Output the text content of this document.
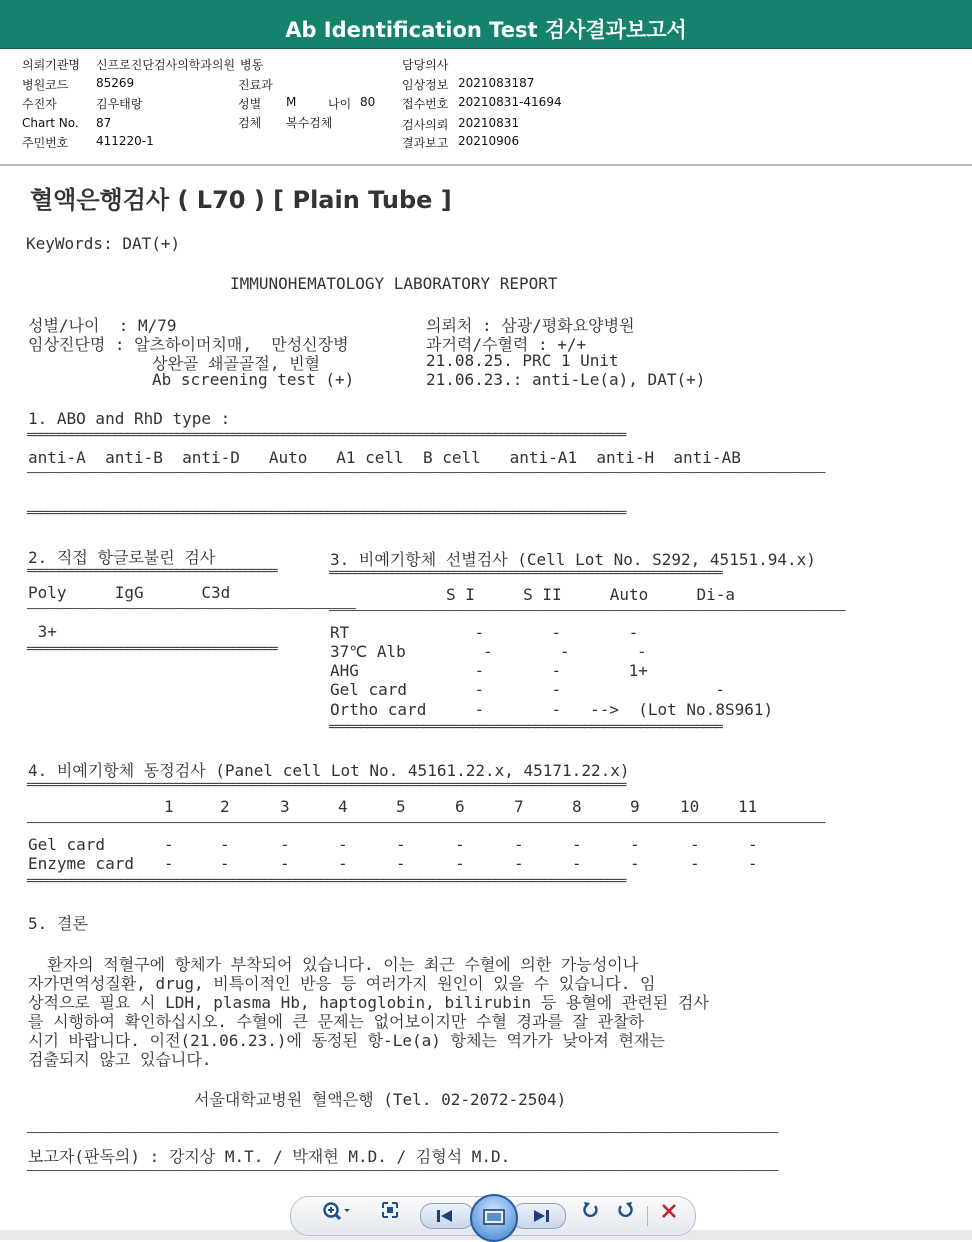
Ab Identification Test 검사결과보고서
의뢰기관명 신프로진단검사의학과의원 병동	담당의사
병원코드 85269	진료과	임상정보 2021083187
수진자	김우태랑	성별 M	나이 80 접수번호 20210831-41694
Chart No. 87	검체 복수검체	검사의뢰 20210831
주민번호 411220-1	결과보고 20210906
혈액은행검사 ( L70 ) [ Plain Tube ]
KeyWords: DAT(+)
IMMUNOHEMATOLOGY LABORATORY REPORT
성별/나이  : M/79
임상진단명 : 알츠하이머치매,  만성신장병
상완골 쇄골골절, 빈혈
Ab screening test (+)
의뢰처 : 삼광/평화요양병원
과거력/수혈력 : +/+
21.08.25. PRC 1 Unit
21.06.23.: anti-Le(a), DAT(+)
1. ABO and RhD type :
════════════════════════════════════════════════════════════════════════════════════════════════
anti-A  anti-B  anti-D   Auto   A1 cell  B cell   anti-A1  anti-H  anti-AB
──────────────────────────────────────────────────────────────────────────────────────────────────────
════════════════════════════════════════════════════════════════════════════════════════════════
2. 직접 항글로불린 검사
════════════════════════════════════════
Poly     IgG      C3d
──────────────────────────────────────────
3+
════════════════════════════════════════
3. 비예기항체 선별검사 (Cell Lot No. S292, 45151.94.x)
═══════════════════════════════════════════════════════════════
S I     S II     Auto     Di-a
──────────────────────────────────────────────────────────────────
RT             -       -       -
37℃ Alb        -       -       -
AHG            -       -       1+
Gel card       -       -                -
Ortho card     -       -   -->  (Lot No.8S961)
═══════════════════════════════════════════════════════════════
4. 비예기항체 동정검사 (Panel cell Lot No. 45161.22.x, 45171.22.x)
════════════════════════════════════════════════════════════════════════════════════════════════
1	2	3	4	5	6	7	8	9	10 11
──────────────────────────────────────────────────────────────────────────────────────────────────────
Gel card	-	-	-	-	-	-	-	-	-	-	-
Enzyme card -	-	-	-	-	-	-	-	-	-	-
════════════════════════════════════════════════════════════════════════════════════════════════
5. 결론
환자의 적혈구에 항체가 부착되어 있습니다. 이는 최근 수혈에 의한 가능성이나
자가면역성질환, drug, 비특이적인 반응 등 여러가지 원인이 있을 수 있습니다. 임
상적으로 필요 시 LDH, plasma Hb, haptoglobin, bilirubin 등 용혈에 관련된 검사
를 시행하여 확인하십시오. 수혈에 큰 문제는 없어보이지만 수혈 경과를 잘 관찰하
시기 바랍니다. 이전(21.06.23.)에 동정된 항-Le(a) 항체는 역가가 낮아져 현재는
검출되지 않고 있습니다.
서울대학교병원 혈액은행 (Tel. 02-2072-2504)
────────────────────────────────────────────────────────────────────────────────────────────────
보고자(판독의) : 강지상 M.T. / 박재현 M.D. / 김형석 M.D.
────────────────────────────────────────────────────────────────────────────────────────────────
